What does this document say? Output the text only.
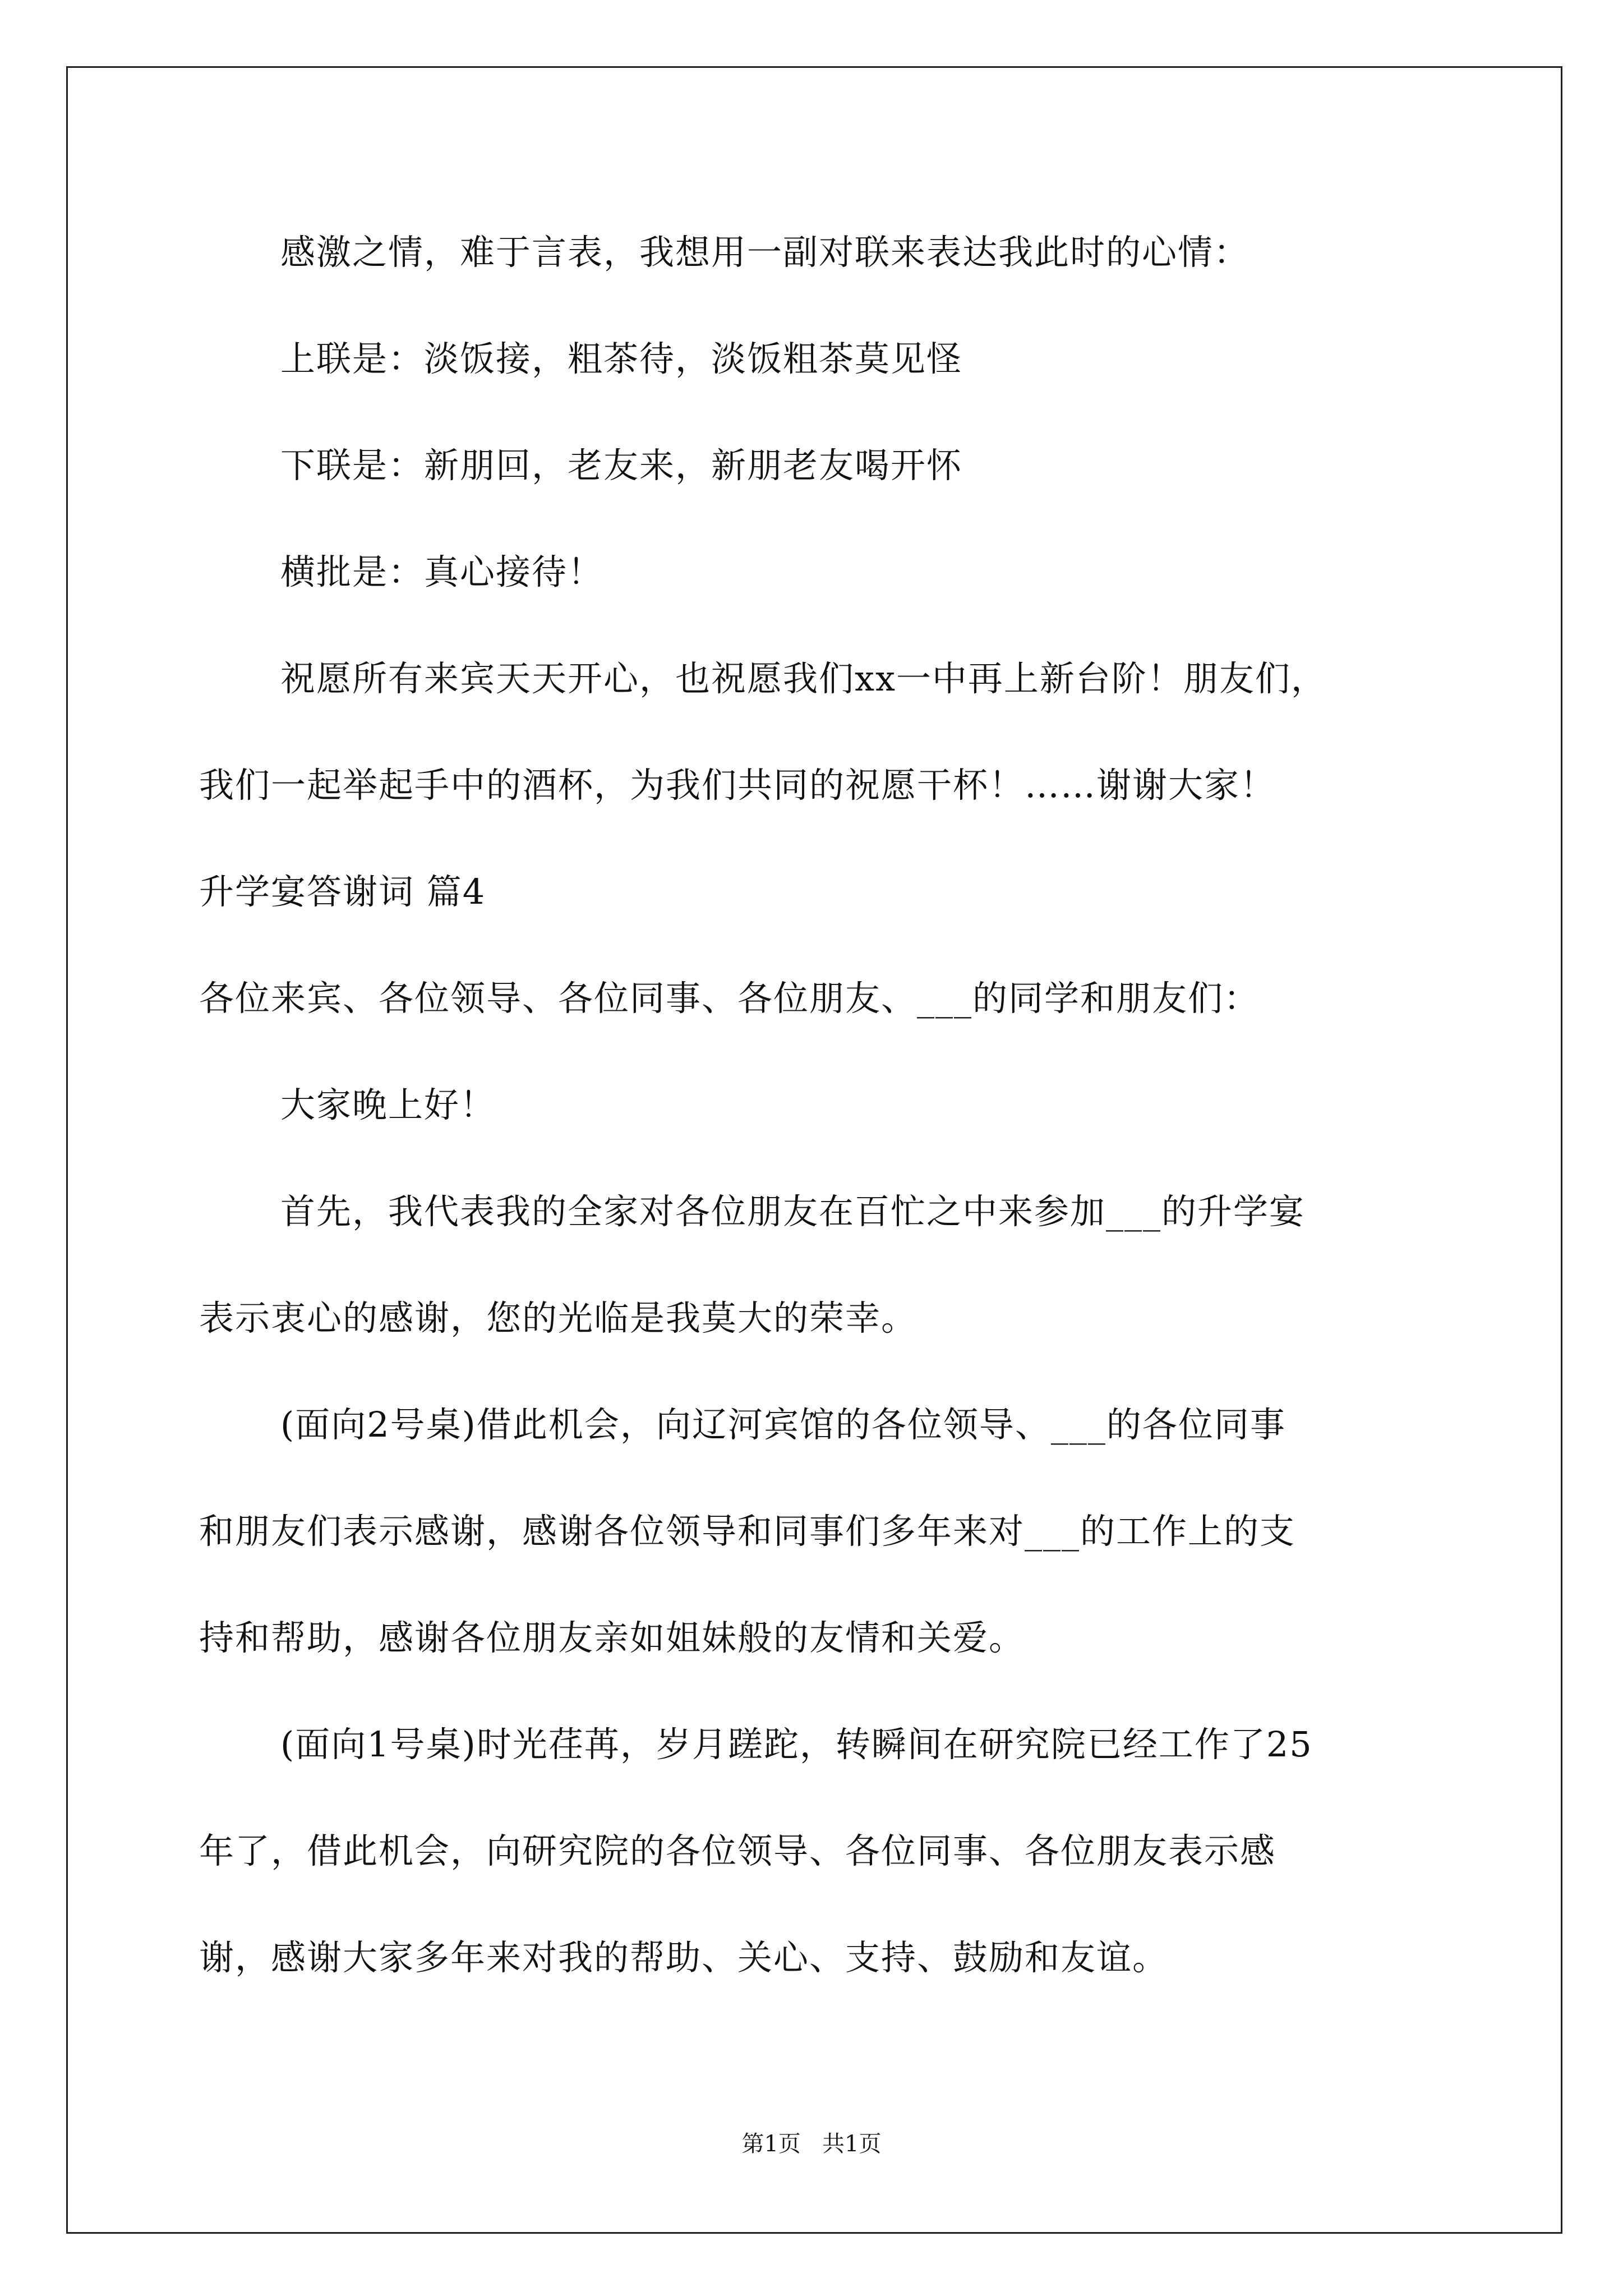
感激之情，难于言表，我想用一副对联来表达我此时的心情：
上联是：淡饭接，粗茶待，淡饭粗茶莫见怪
下联是：新朋回，老友来，新朋老友喝开怀
横批是：真心接待！
祝愿所有来宾天天开心，也祝愿我们xx一中再上新台阶！朋友们，
我们一起举起手中的酒杯，为我们共同的祝愿干杯！……谢谢大家！
升学宴答谢词 篇4
各位来宾、各位领导、各位同事、各位朋友、___的同学和朋友们：
大家晚上好！
首先，我代表我的全家对各位朋友在百忙之中来参加___的升学宴
表示衷心的感谢，您的光临是我莫大的荣幸。
(面向2号桌)借此机会，向辽河宾馆的各位领导、___的各位同事
和朋友们表示感谢，感谢各位领导和同事们多年来对___的工作上的支
持和帮助，感谢各位朋友亲如姐妹般的友情和关爱。
(面向1号桌)时光荏苒，岁月蹉跎，转瞬间在研究院已经工作了25
年了，借此机会，向研究院的各位领导、各位同事、各位朋友表示感
谢，感谢大家多年来对我的帮助、关心、支持、鼓励和友谊。
第1页   共1页
